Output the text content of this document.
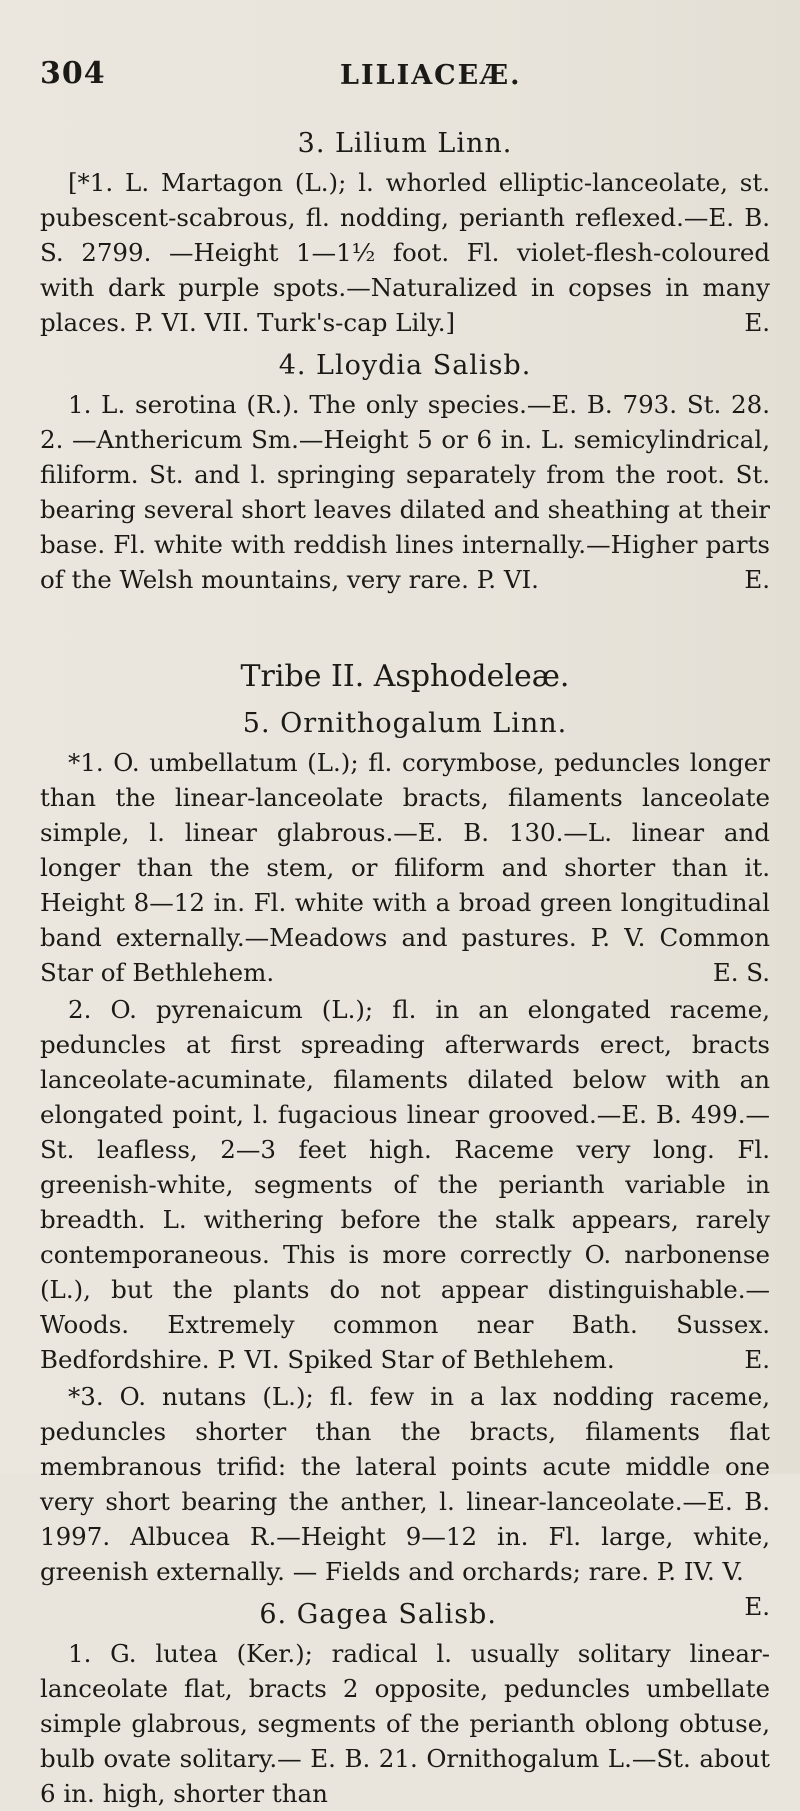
304	LILIACEÆ.
3. Lilium Linn.

[*1. L. Martagon (L.); l. whorled elliptic-lanceolate, st. pubescent-scabrous, fl. nodding, perianth reflexed.—E. B. S. 2799. —Height 1—1½ foot. Fl. violet-flesh-coloured with dark purple spots.—Naturalized in copses in many places. P. VI. VII. Turk's-cap Lily.]	E.

4. Lloydia Salisb.

1. L. serotina (R.). The only species.—E. B. 793. St. 28. 2. —Anthericum Sm.—Height 5 or 6 in. L. semicylindrical, filiform. St. and l. springing separately from the root. St. bearing several short leaves dilated and sheathing at their base. Fl. white with reddish lines internally.—Higher parts of the Welsh mountains, very rare. P. VI.	E.

Tribe II. Asphodeleæ.
5. Ornithogalum Linn.

*1. O. umbellatum (L.); fl. corymbose, peduncles longer than the linear-lanceolate bracts, filaments lanceolate simple, l. linear glabrous.—E. B. 130.—L. linear and longer than the stem, or filiform and shorter than it. Height 8—12 in. Fl. white with a broad green longitudinal band externally.—Meadows and pastures. P. V. Common Star of Bethlehem.	E. S.

2. O. pyrenaicum (L.); fl. in an elongated raceme, peduncles at first spreading afterwards erect, bracts lanceolate-acuminate, filaments dilated below with an elongated point, l. fugacious linear grooved.—E. B. 499.—St. leafless, 2—3 feet high. Raceme very long. Fl. greenish-white, segments of the perianth variable in breadth. L. withering before the stalk appears, rarely contemporaneous. This is more correctly O. narbonense (L.), but the plants do not appear distinguishable.—Woods. Extremely common near Bath. Sussex. Bedfordshire. P. VI. Spiked Star of Bethlehem.	E.

*3. O. nutans (L.); fl. few in a lax nodding raceme, peduncles shorter than the bracts, filaments flat membranous trifid: the lateral points acute middle one very short bearing the anther, l. linear-lanceolate.—E. B. 1997. Albucea R.—Height 9—12 in. Fl. large, white, greenish externally. — Fields and orchards; rare. P. IV. V.
E.

6. Gagea Salisb.

1. G. lutea (Ker.); radical l. usually solitary linear-lanceolate flat, bracts 2 opposite, peduncles umbellate simple glabrous, segments of the perianth oblong obtuse, bulb ovate solitary.— E. B. 21. Ornithogalum L.—St. about 6 in. high, shorter than
